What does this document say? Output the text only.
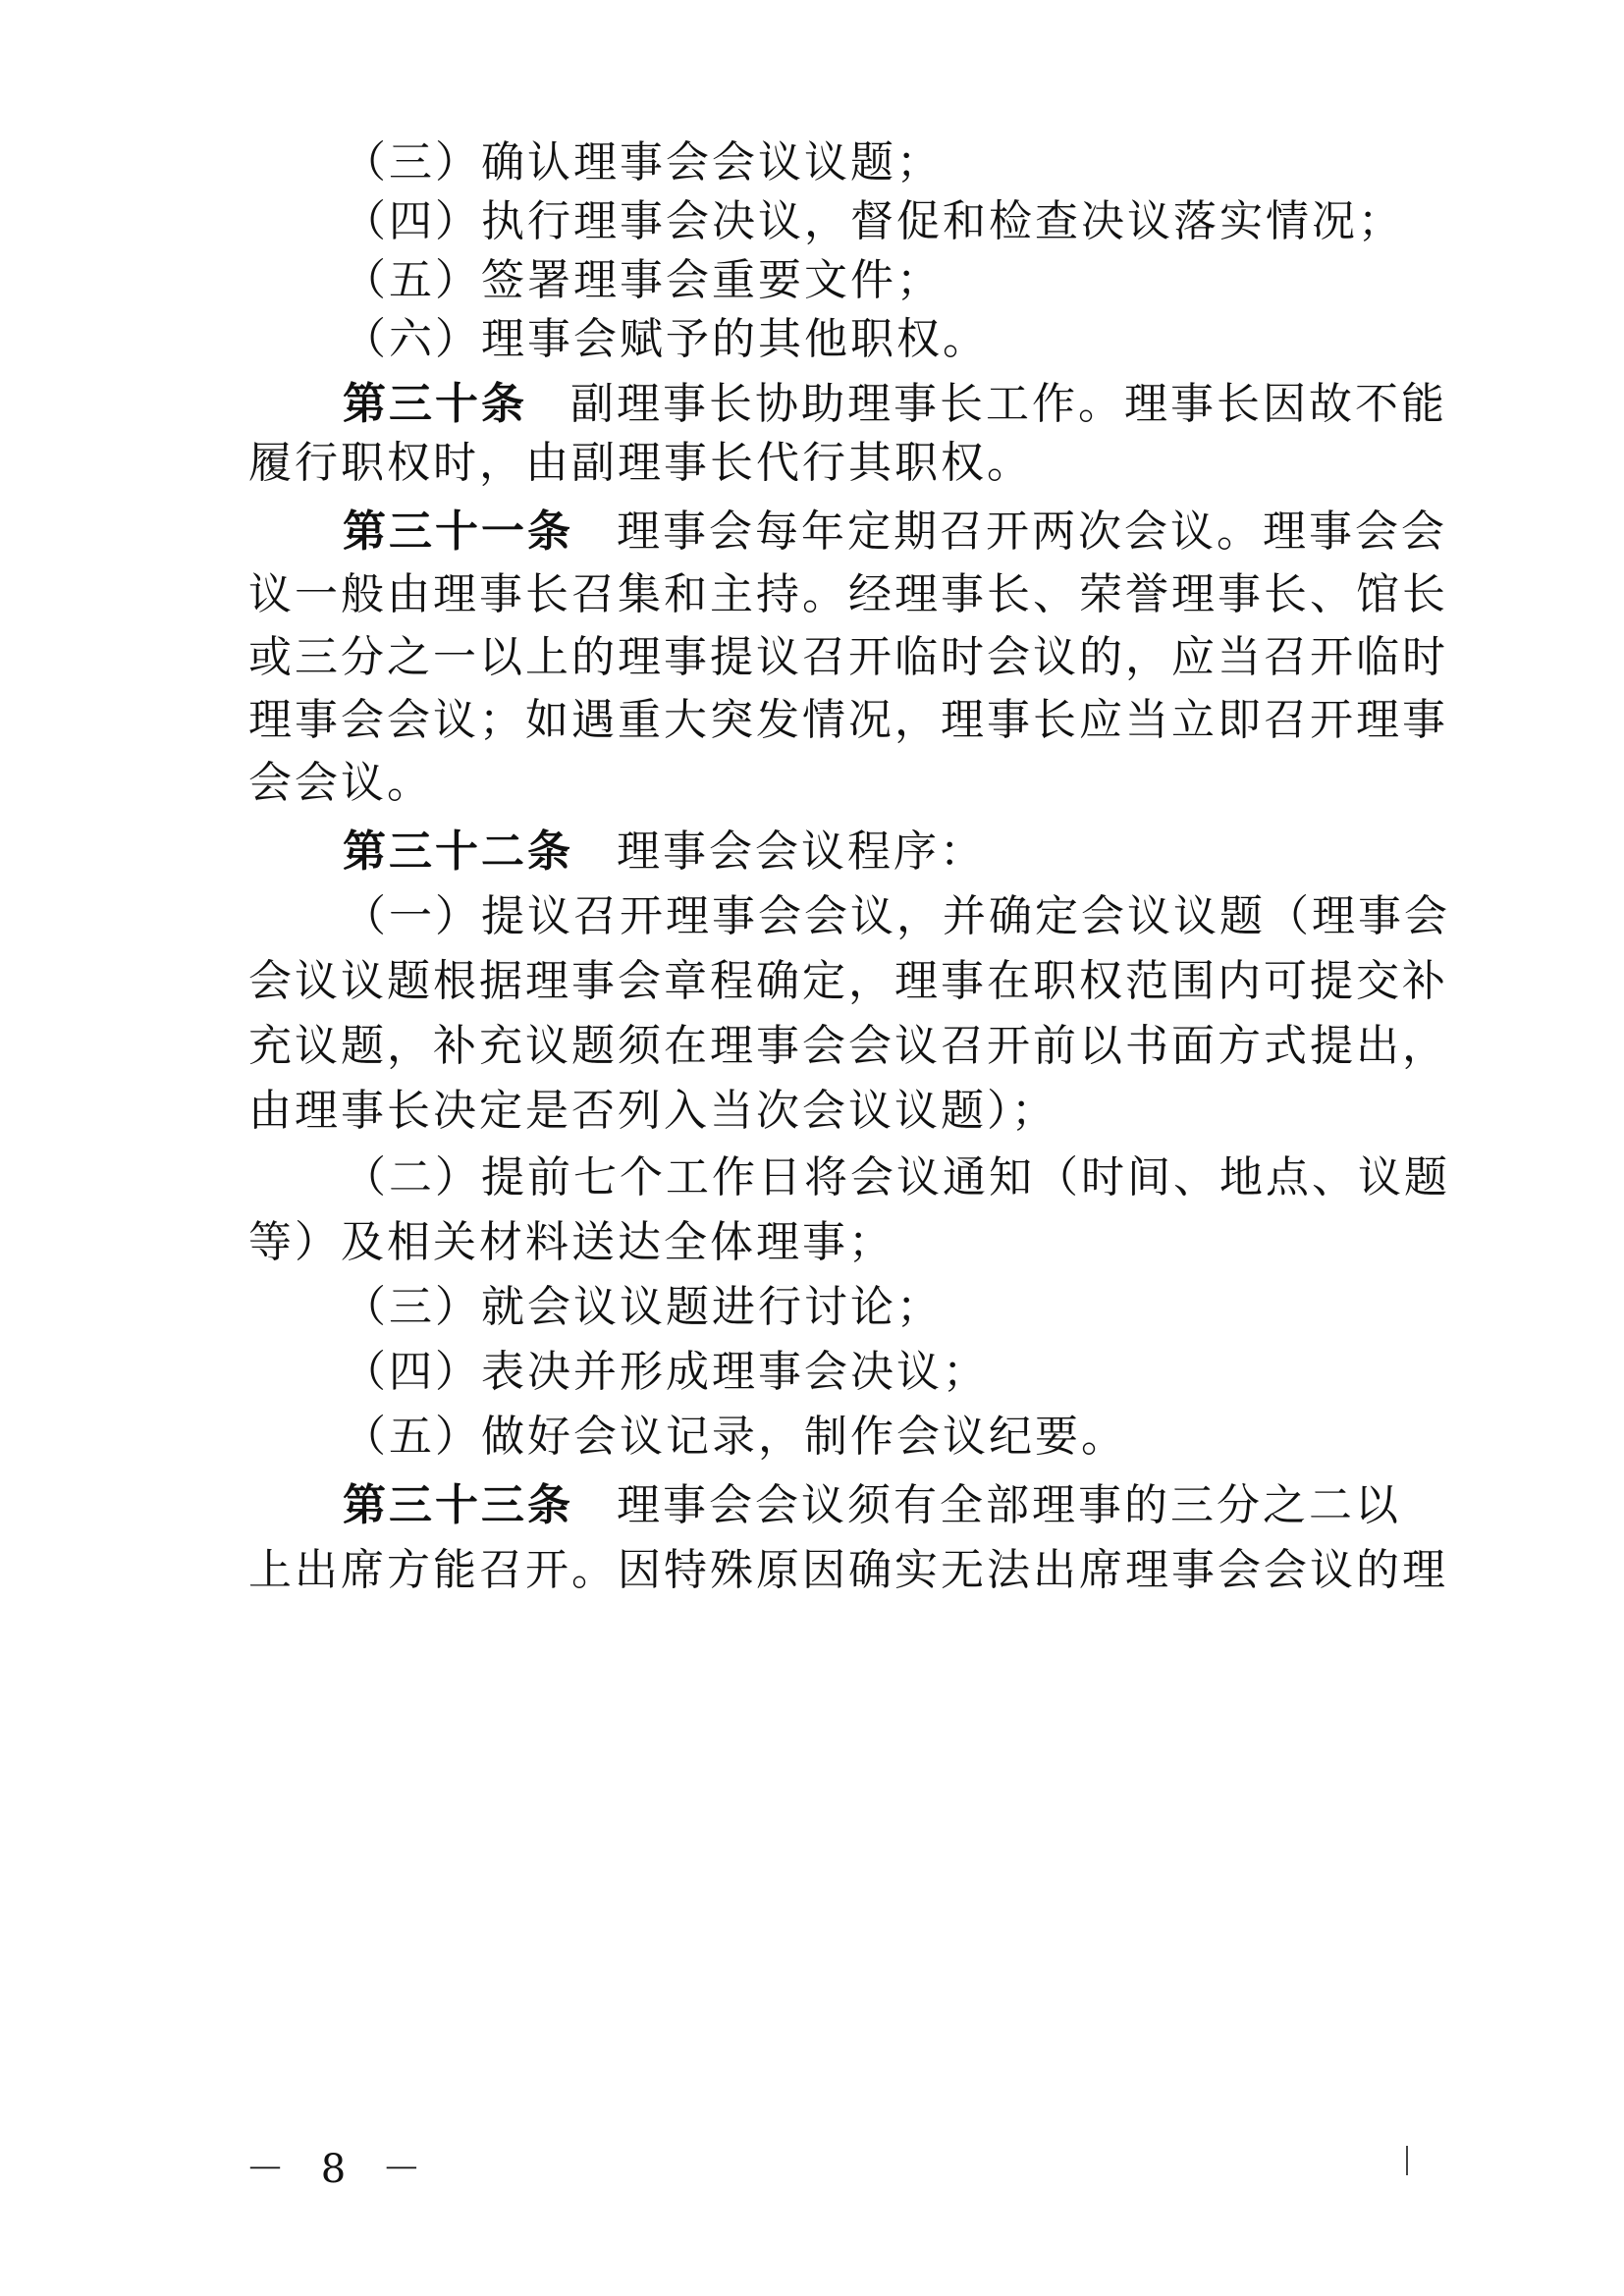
（三）确认理事会会议议题；
（四）执行理事会决议，督促和检查决议落实情况；
（五）签署理事会重要文件；
（六）理事会赋予的其他职权。
第三十条 副理事长协助理事长工作。理事长因故不能
履行职权时，由副理事长代行其职权。
第三十一条 理事会每年定期召开两次会议。理事会会
议一般由理事长召集和主持。经理事长、荣誉理事长、馆长
或三分之一以上的理事提议召开临时会议的，应当召开临时
理事会会议；如遇重大突发情况，理事长应当立即召开理事
会会议。
第三十二条 理事会会议程序：
（一）提议召开理事会会议，并确定会议议题（理事会
会议议题根据理事会章程确定，理事在职权范围内可提交补
充议题，补充议题须在理事会会议召开前以书面方式提出，
由理事长决定是否列入当次会议议题）；
（二）提前七个工作日将会议通知（时间、地点、议题
等）及相关材料送达全体理事；
（三）就会议议题进行讨论；
（四）表决并形成理事会决议；
（五）做好会议记录，制作会议纪要。
第三十三条 理事会会议须有全部理事的三分之二以
上出席方能召开。因特殊原因确实无法出席理事会会议的理
－ 8 －
